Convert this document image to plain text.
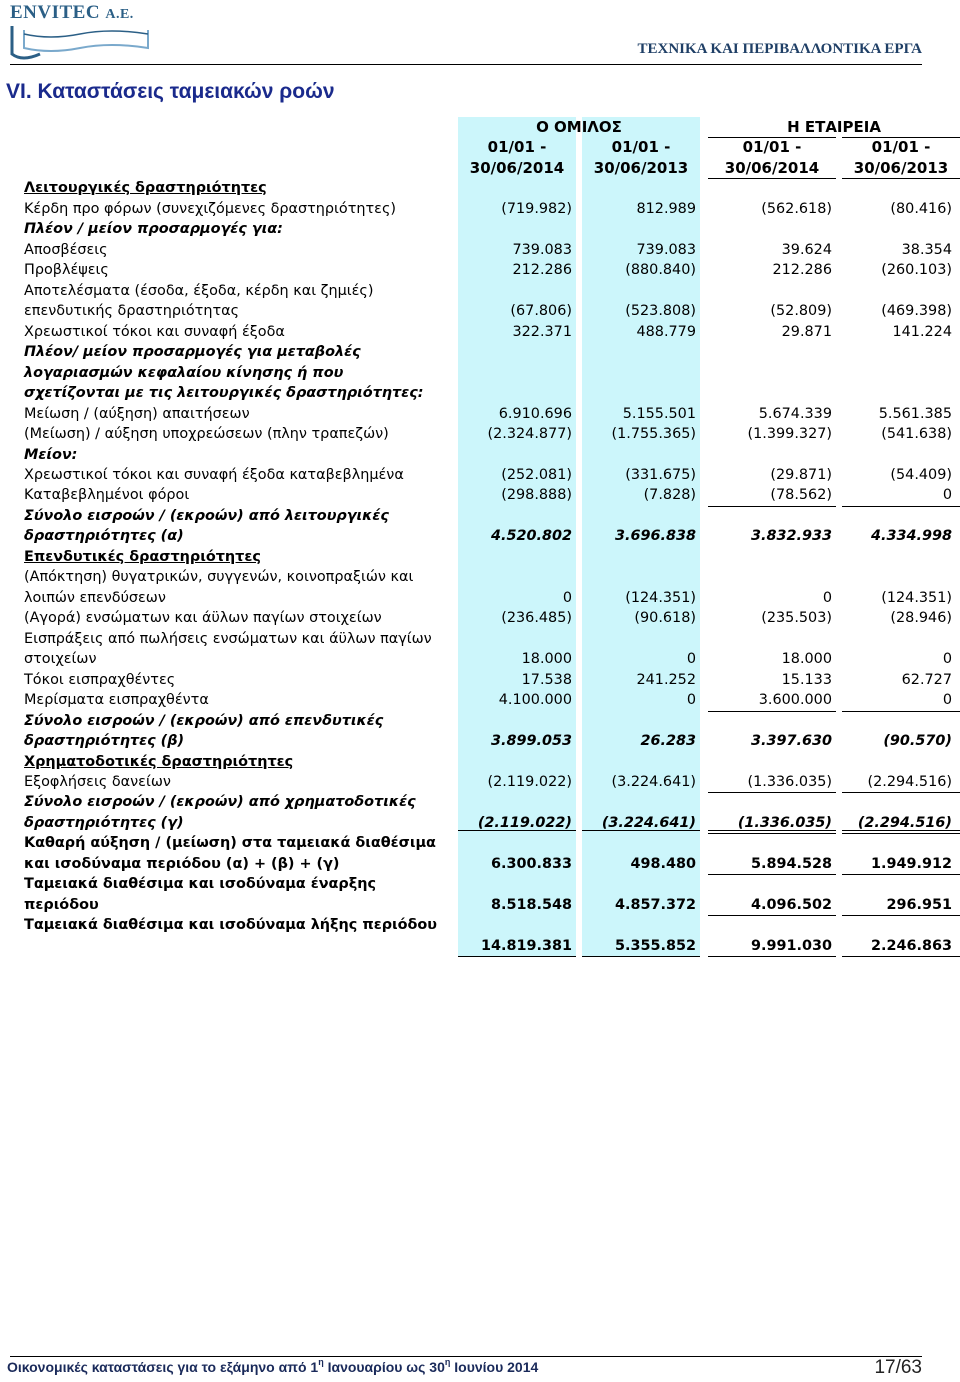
ENVITEC Α.Ε.
ΤΕΧΝΙΚΑ ΚΑΙ ΠΕΡΙΒΑΛΛΟΝΤΙΚΑ ΕΡΓΑ
VI. Καταστάσεις ταμειακών ροών
Ο ΟΜΙΛΟΣ	Η ΕΤΑΙΡΕΙΑ
01/01 -	01/01 -	01/01 -	01/01 -
30/06/2014	30/06/2013	30/06/2014	30/06/2013
Λειτουργικές δραστηριότητες
Κέρδη προ φόρων (συνεχιζόμενες δραστηριότητες)	(719.982)	812.989	(562.618)	(80.416)
Πλέον / μείον προσαρμογές για:
Αποσβέσεις	739.083	739.083	39.624	38.354
Προβλέψεις	212.286	(880.840)	212.286	(260.103)
Αποτελέσματα (έσοδα, έξοδα, κέρδη και ζημιές)
επενδυτικής δραστηριότητας	(67.806)	(523.808)	(52.809)	(469.398)
Χρεωστικοί τόκοι και συναφή έξοδα	322.371	488.779	29.871	141.224
Πλέον/ μείον προσαρμογές για μεταβολές
λογαριασμών κεφαλαίου κίνησης ή που
σχετίζονται με τις λειτουργικές δραστηριότητες:
Μείωση / (αύξηση) απαιτήσεων	6.910.696	5.155.501	5.674.339	5.561.385
(Μείωση) / αύξηση υποχρεώσεων (πλην τραπεζών)	(2.324.877)	(1.755.365)	(1.399.327)	(541.638)
Μείον:
Χρεωστικοί τόκοι και συναφή έξοδα καταβεβλημένα	(252.081)	(331.675)	(29.871)	(54.409)
Καταβεβλημένοι φόροι	(298.888)	(7.828)	(78.562)	0
Σύνολο εισροών / (εκροών) από λειτουργικές
δραστηριότητες (α)	4.520.802	3.696.838	3.832.933	4.334.998
Επενδυτικές δραστηριότητες
(Απόκτηση) θυγατρικών, συγγενών, κοινοπραξιών και
λοιπών επενδύσεων	0	(124.351)	0	(124.351)
(Αγορά) ενσώματων και άϋλων παγίων στοιχείων	(236.485)	(90.618)	(235.503)	(28.946)
Εισπράξεις από πωλήσεις ενσώματων και άϋλων παγίων
στοιχείων	18.000	0	18.000	0
Τόκοι εισπραχθέντες	17.538	241.252	15.133	62.727
Μερίσματα εισπραχθέντα	4.100.000	0	3.600.000	0
Σύνολο εισροών / (εκροών) από επενδυτικές
δραστηριότητες (β)	3.899.053	26.283	3.397.630	(90.570)
Χρηματοδοτικές δραστηριότητες
Εξοφλήσεις δανείων	(2.119.022)	(3.224.641)	(1.336.035)	(2.294.516)
Σύνολο εισροών / (εκροών) από χρηματοδοτικές
δραστηριότητες (γ)	(2.119.022)	(3.224.641)	(1.336.035)	(2.294.516)
Καθαρή αύξηση / (μείωση) στα ταμειακά διαθέσιμα
και ισοδύναμα περιόδου (α) + (β) + (γ)	6.300.833	498.480	5.894.528	1.949.912
Ταμειακά διαθέσιμα και ισοδύναμα έναρξης
περιόδου	8.518.548	4.857.372	4.096.502	296.951
Ταμειακά διαθέσιμα και ισοδύναμα λήξης περιόδου
14.819.381	5.355.852	9.991.030	2.246.863
Οικονομικές καταστάσεις για το εξάμηνο από $1^\eta$ Ιανουαρίου ως $30^\eta$ Ιουνίου 2014	17/63
